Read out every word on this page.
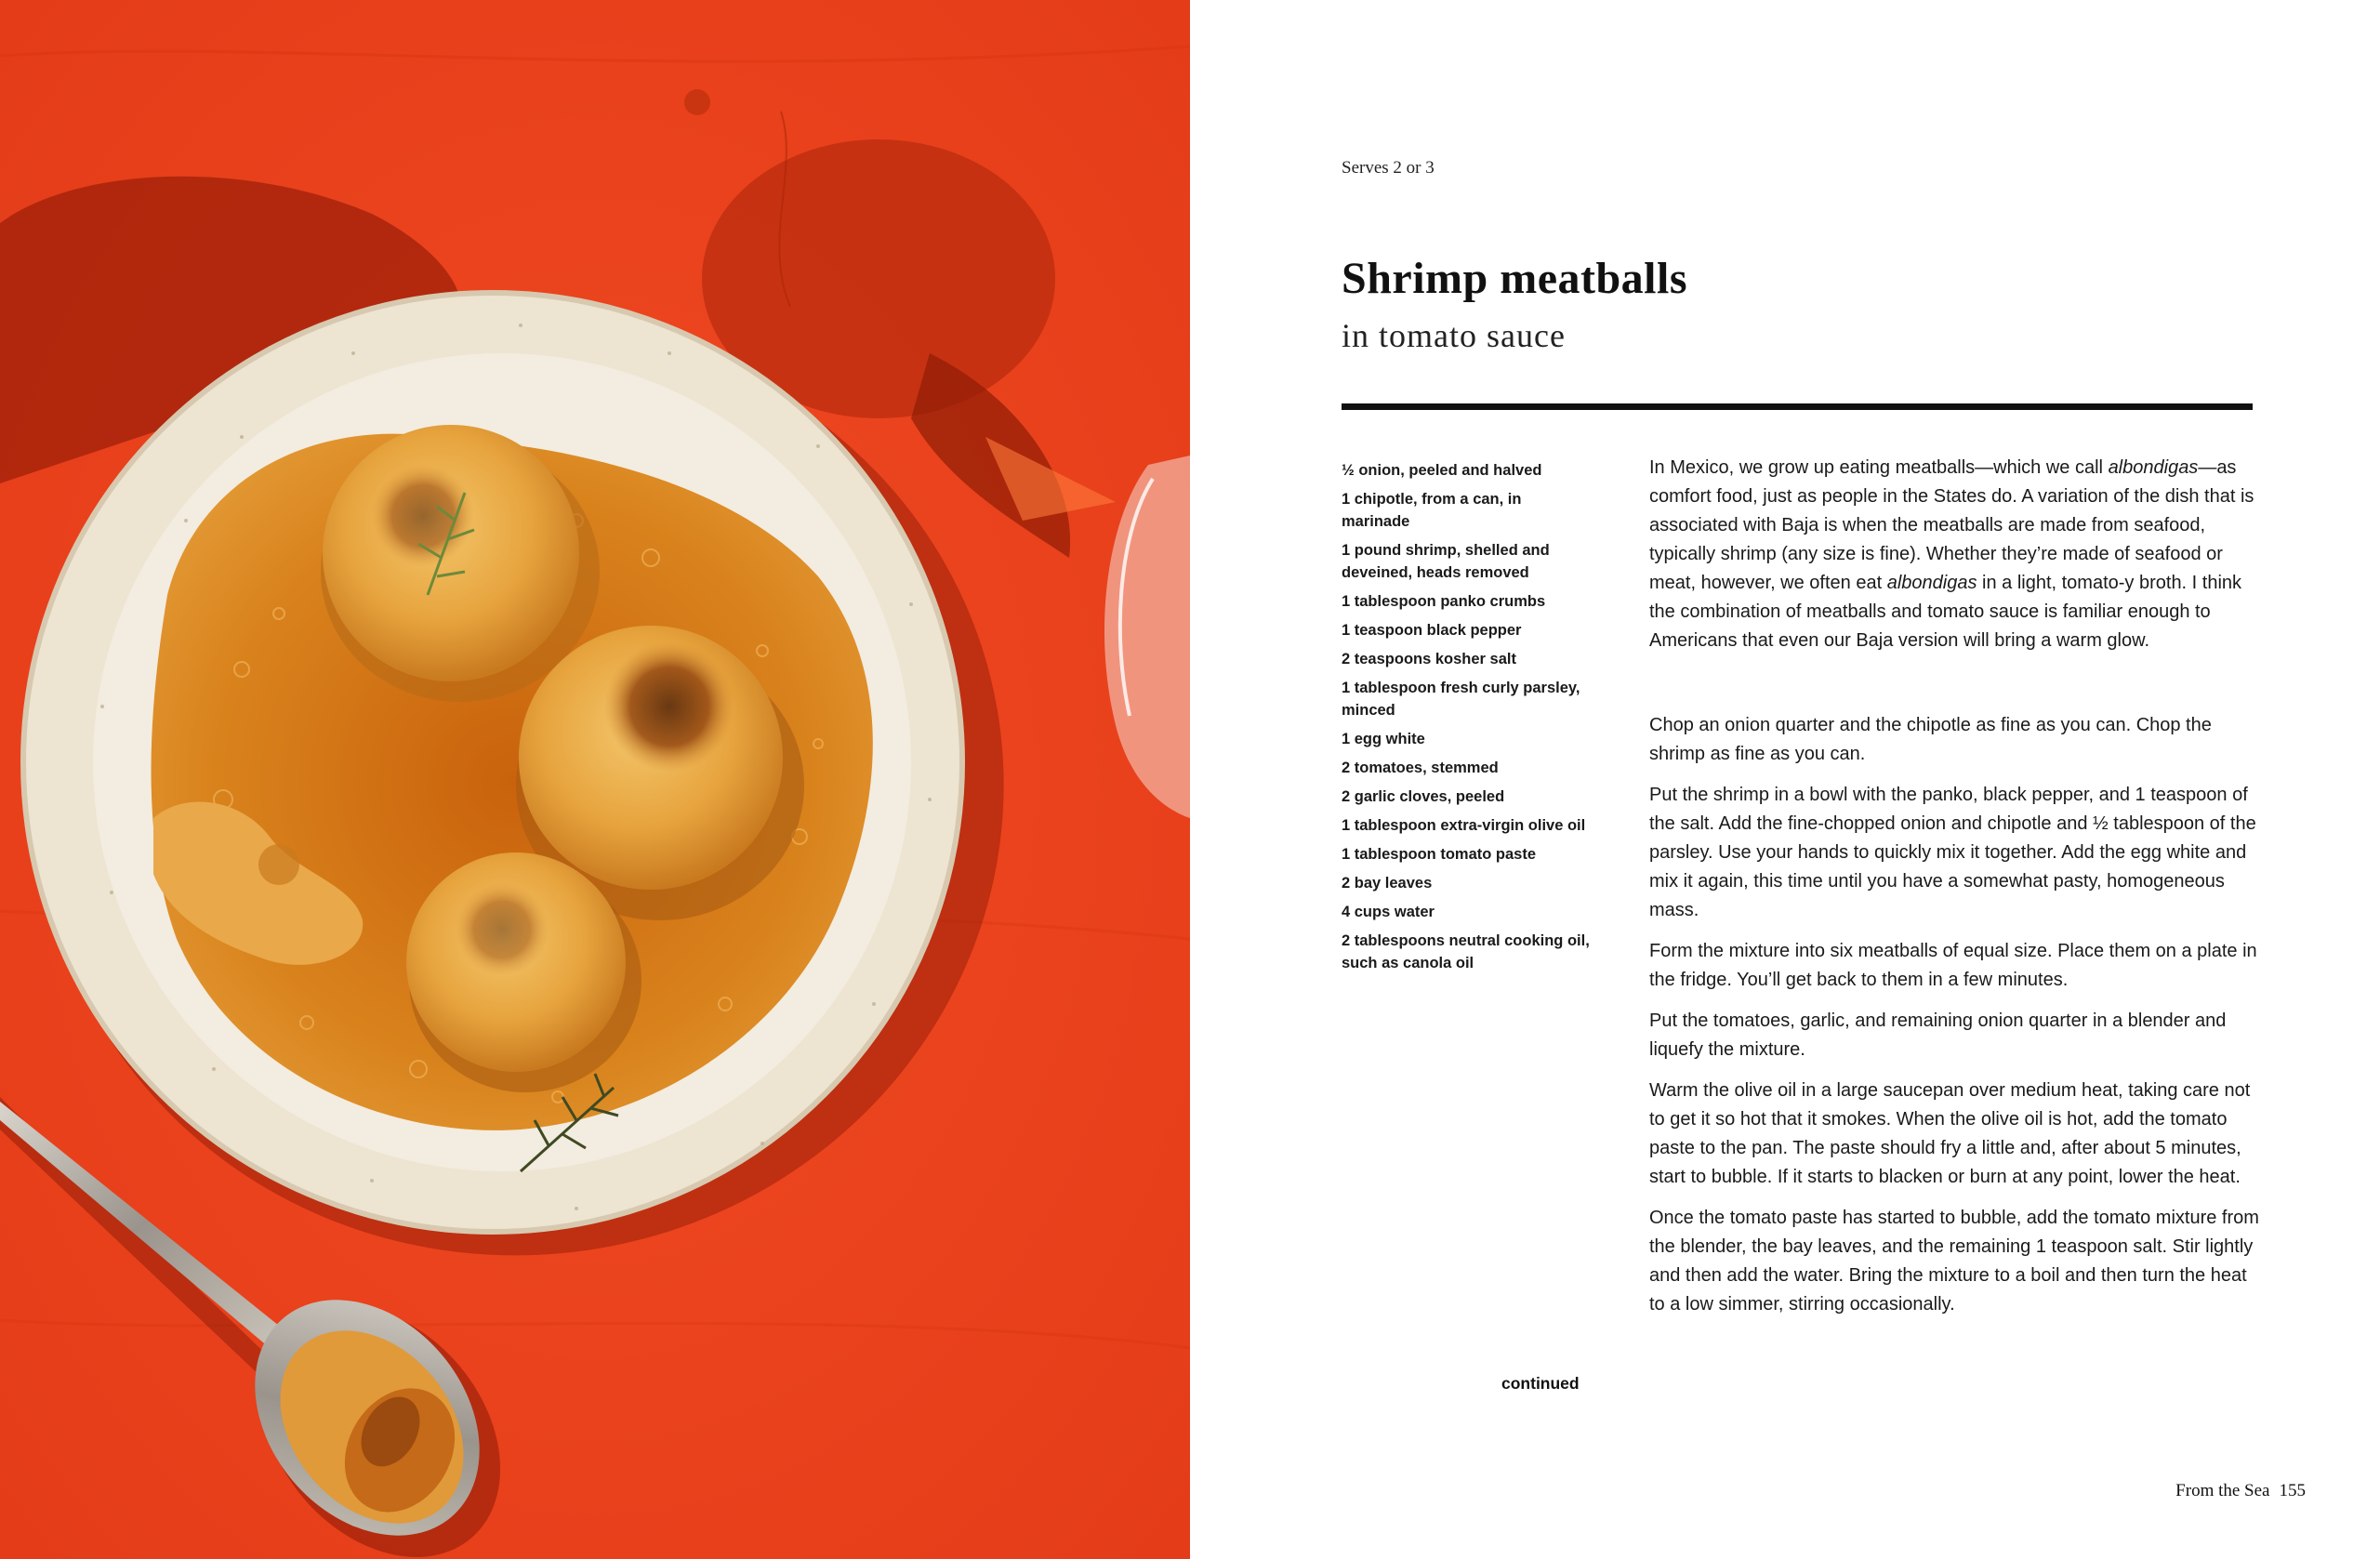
Serves 2 or 3
Shrimp meatballs
in tomato sauce
½ onion, peeled and halved
1 chipotle, from a can, in marinade
1 pound shrimp, shelled and deveined, heads removed
1 tablespoon panko crumbs
1 teaspoon black pepper
2 teaspoons kosher salt
1 tablespoon fresh curly parsley, minced
1 egg white
2 tomatoes, stemmed
2 garlic cloves, peeled
1 tablespoon extra-virgin olive oil
1 tablespoon tomato paste
2 bay leaves
4 cups water
2 tablespoons neutral cooking oil, such as canola oil
continued

In Mexico, we grow up eating meatballs—which we call albondigas—as comfort food, just as people in the States do. A variation of the dish that is associated with Baja is when the meatballs are made from seafood, typically shrimp (any size is fine). Whether they’re made of seafood or meat, however, we often eat albondigas in a light, tomato-y broth. I think the combination of meatballs and tomato sauce is familiar enough to Americans that even our Baja version will bring a warm glow.

Chop an onion quarter and the chipotle as fine as you can. Chop the shrimp as fine as you can.

Put the shrimp in a bowl with the panko, black pepper, and 1 teaspoon of the salt. Add the fine-chopped onion and chipotle and ½ tablespoon of the parsley. Use your hands to quickly mix it together. Add the egg white and mix it again, this time until you have a somewhat pasty, homogeneous mass.

Form the mixture into six meatballs of equal size. Place them on a plate in the fridge. You’ll get back to them in a few minutes.

Put the tomatoes, garlic, and remaining onion quarter in a blender and liquefy the mixture.

Warm the olive oil in a large saucepan over medium heat, taking care not to get it so hot that it smokes. When the olive oil is hot, add the tomato paste to the pan. The paste should fry a little and, after about 5 minutes, start to bubble. If it starts to blacken or burn at any point, lower the heat.

Once the tomato paste has started to bubble, add the tomato mixture from the blender, the bay leaves, and the remaining 1 teaspoon salt. Stir lightly and then add the water. Bring the mixture to a boil and then turn the heat to a low simmer, stirring occasionally.

From the Sea 155
